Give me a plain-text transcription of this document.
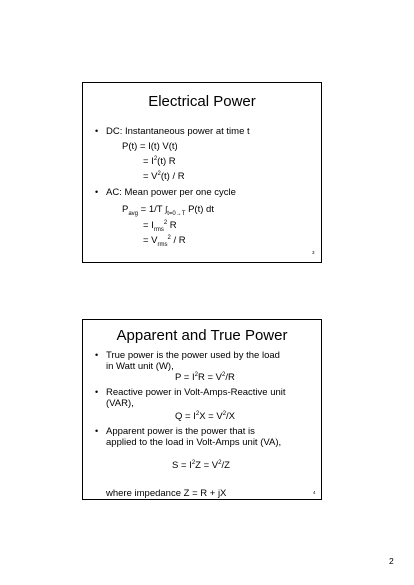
Electrical Power
• DC: Instantaneous power at time t
P(t) = I(t) V(t)
= $I^2(t)$ R
= $V^2(t)$ / R
• AC: Mean power per one cycle
$P_{avg} = 1/T$ $\int_{t=0\to T}$ P(t) dt
= $I_{rms}^2$ R
= $V_{rms}^2$ / R
3
Apparent and True Power
• True power is the power used by the load
in Watt unit (W),
$P = I^2R = V^2/R$
• Reactive power in Volt-Amps-Reactive unit
(VAR),
$Q = I^2X = V^2/X$
• Apparent power is the power that is
applied to the load in Volt-Amps unit (VA),
$S = I^2Z = V^2/Z$
where impedance Z = R + jX	4
2
